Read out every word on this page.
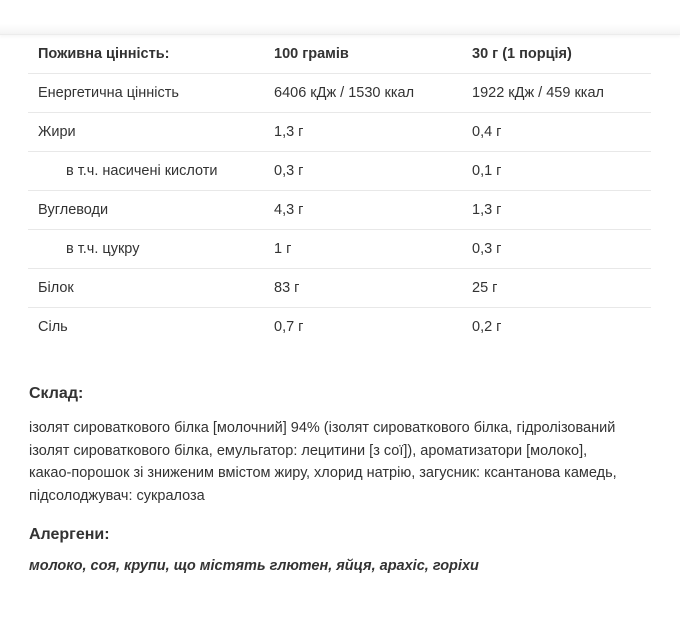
Поживна цінність:	100 грамів	30 г (1 порція)
Енергетична цінність	6406 кДж / 1530 ккал	1922 кДж / 459 ккал
Жири	1,3 г	0,4 г
в т.ч. насичені кислоти	0,3 г	0,1 г
Вуглеводи	4,3 г	1,3 г
в т.ч. цукру	1 г	0,3 г
Білок	83 г	25 г
Сіль	0,7 г	0,2 г
Склад:

ізолят сироваткового білка [молочний] 94% (ізолят сироваткового білка, гідролізований
ізолят сироваткового білка, емульгатор: лецитини [з сої]), ароматизатори [молоко],
какао-порошок зі зниженим вмістом жиру, хлорид натрію, загусник: ксантанова камедь,
підсолоджувач: сукралоза

Алергени:

молоко, соя, крупи, що містять глютен, яйця, арахіс, горіхи
